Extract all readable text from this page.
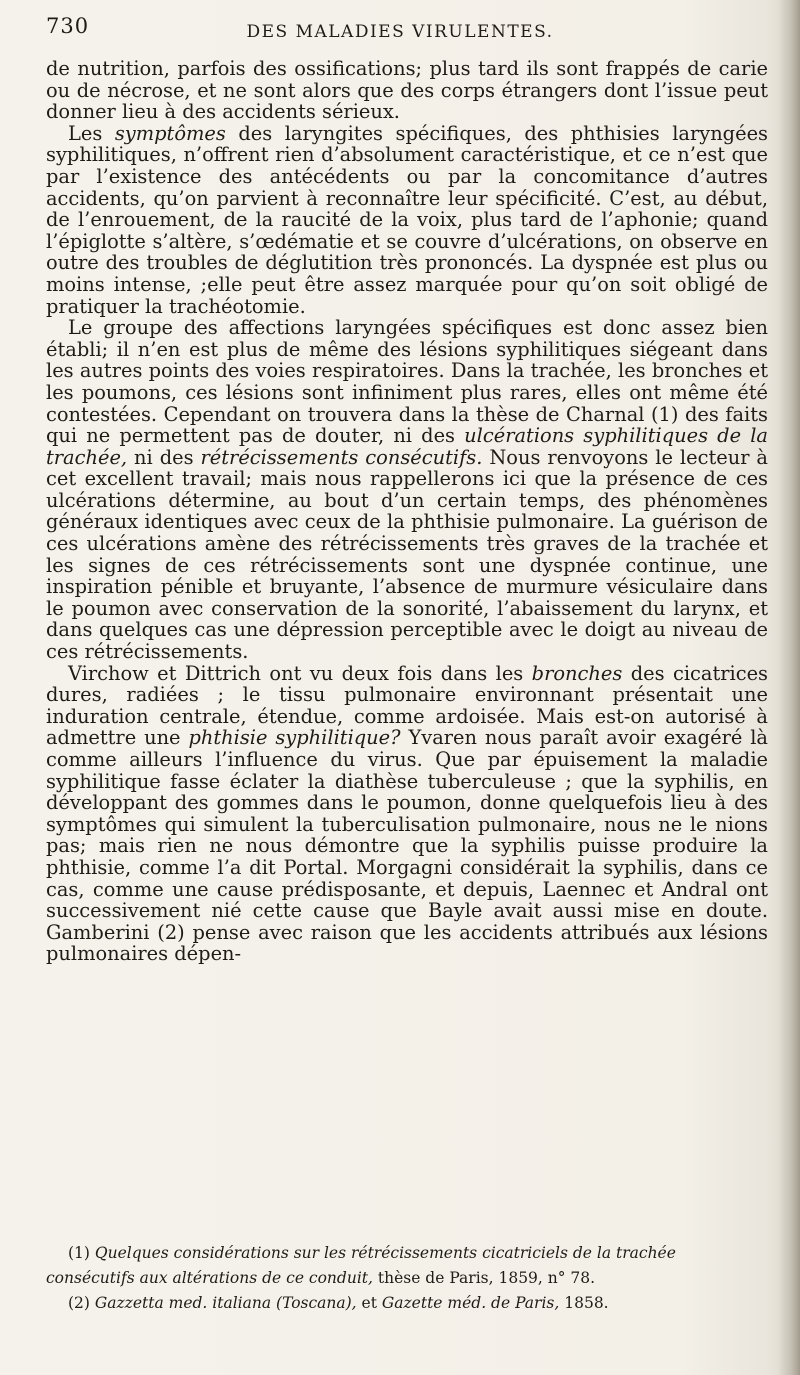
730	DES MALADIES VIRULENTES.

de nutrition, parfois des ossifications; plus tard ils sont frappés de carie ou de nécrose, et ne sont alors que des corps étrangers dont l’issue peut donner lieu à des accidents sérieux.

Les symptômes des laryngites spécifiques, des phthisies laryngées syphilitiques, n’offrent rien d’absolument caractéristique, et ce n’est que par l’existence des antécédents ou par la concomitance d’autres accidents, qu’on parvient à reconnaître leur spécificité. C’est, au début, de l’enrouement, de la raucité de la voix, plus tard de l’aphonie; quand l’épiglotte s’altère, s’œdématie et se couvre d’ulcérations, on observe en outre des troubles de déglutition très prononcés. La dyspnée est plus ou moins intense, ;elle peut être assez marquée pour qu’on soit obligé de pratiquer la trachéotomie.

Le groupe des affections laryngées spécifiques est donc assez bien établi; il n’en est plus de même des lésions syphilitiques siégeant dans les autres points des voies respiratoires. Dans la trachée, les bronches et les poumons, ces lésions sont infiniment plus rares, elles ont même été contestées. Cependant on trouvera dans la thèse de Charnal (1) des faits qui ne permettent pas de douter, ni des ulcérations syphilitiques de la trachée, ni des rétrécissements consécutifs. Nous renvoyons le lecteur à cet excellent travail; mais nous rappellerons ici que la présence de ces ulcérations détermine, au bout d’un certain temps, des phénomènes généraux identiques avec ceux de la phthisie pulmonaire. La guérison de ces ulcérations amène des rétrécissements très graves de la trachée et les signes de ces rétrécissements sont une dyspnée continue, une inspiration pénible et bruyante, l’absence de murmure vésiculaire dans le poumon avec conservation de la sonorité, l’abaissement du larynx, et dans quelques cas une dépression perceptible avec le doigt au niveau de ces rétrécissements.

Virchow et Dittrich ont vu deux fois dans les bronches des cicatrices dures, radiées ; le tissu pulmonaire environnant présentait une induration centrale, étendue, comme ardoisée. Mais est-on autorisé à admettre une phthisie syphilitique? Yvaren nous paraît avoir exagéré là comme ailleurs l’influence du virus. Que par épuisement la maladie syphilitique fasse éclater la diathèse tuberculeuse ; que la syphilis, en développant des gommes dans le poumon, donne quelquefois lieu à des symptômes qui simulent la tuberculisation pulmonaire, nous ne le nions pas; mais rien ne nous démontre que la syphilis puisse produire la phthisie, comme l’a dit Portal. Morgagni considérait la syphilis, dans ce cas, comme une cause prédisposante, et depuis, Laennec et Andral ont successivement nié cette cause que Bayle avait aussi mise en doute. Gamberini (2) pense avec raison que les accidents attribués aux lésions pulmonaires dépen-

(1) Quelques considérations sur les rétrécissements cicatriciels de la trachée consécutifs aux altérations de ce conduit, thèse de Paris, 1859, n° 78.

(2) Gazzetta med. italiana (Toscana), et Gazette méd. de Paris, 1858.
